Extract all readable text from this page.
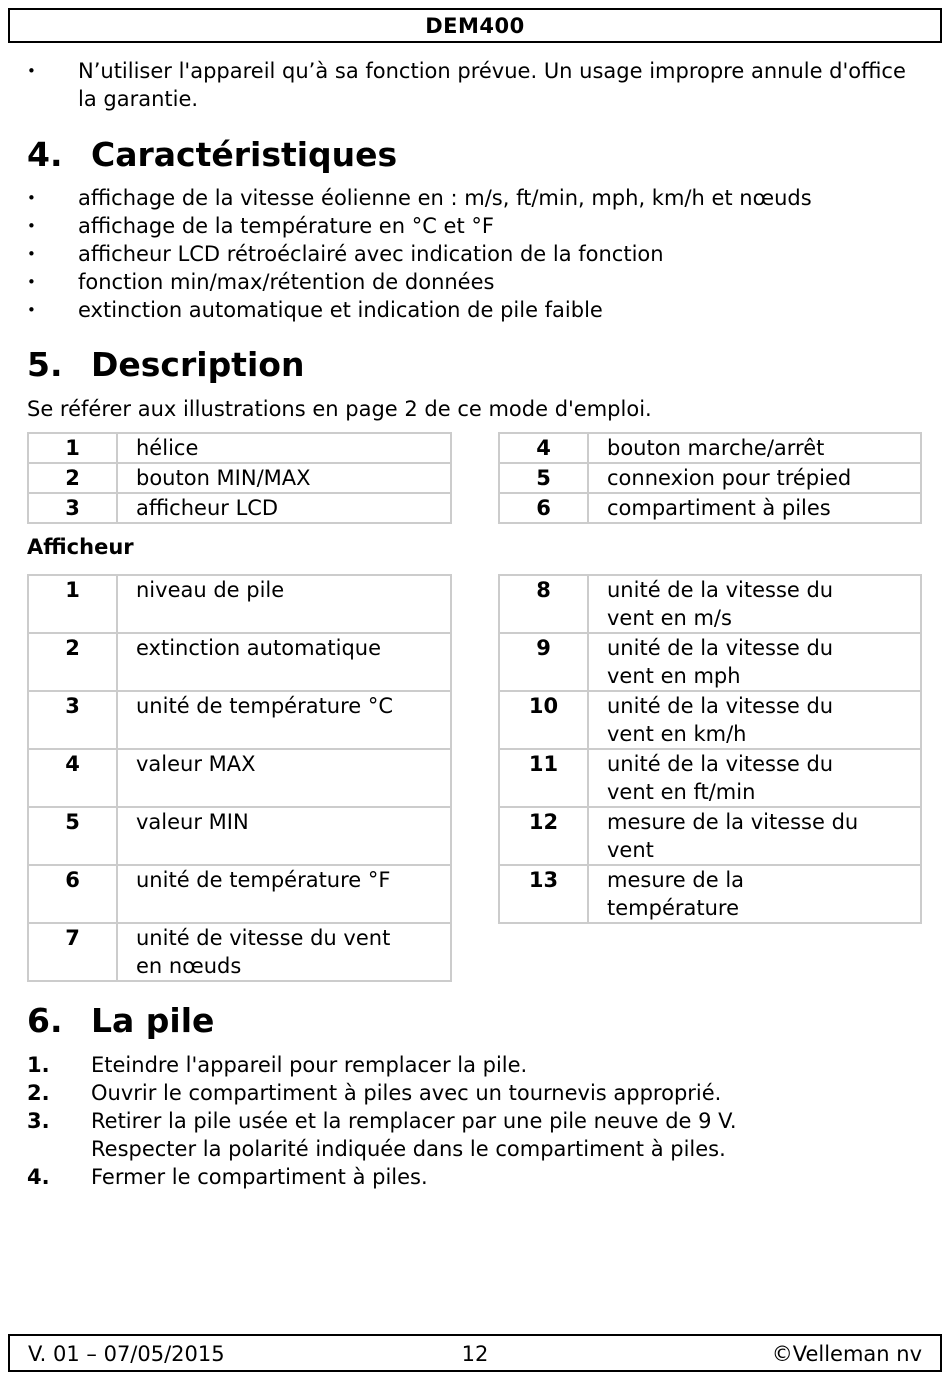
DEM400
• N’utiliser l'appareil qu’à sa fonction prévue. Un usage impropre annule d'office la garantie.
4. Caractéristiques
• affichage de la vitesse éolienne en : m/s, ft/min, mph, km/h et nœuds
• affichage de la température en °C et °F
• afficheur LCD rétroéclairé avec indication de la fonction
• fonction min/max/rétention de données
• extinction automatique et indication de pile faible
5. Description
Se référer aux illustrations en page 2 de ce mode d'emploi.
1	hélice
2	bouton MIN/MAX
3	afficheur LCD
4	bouton marche/arrêt
5	connexion pour trépied
6	compartiment à piles
Afficheur
1	niveau de pile
2	extinction automatique
3	unité de température °C
4	valeur MAX
5	valeur MIN
6	unité de température °F
7	unité de vitesse du vent en nœuds
8	unité de la vitesse du vent en m/s
9	unité de la vitesse du vent en mph
10	unité de la vitesse du vent en km/h
11	unité de la vitesse du vent en ft/min
12	mesure de la vitesse du vent
13	mesure de la température
6. La pile
1. Eteindre l'appareil pour remplacer la pile.
2. Ouvrir le compartiment à piles avec un tournevis approprié.
3. Retirer la pile usée et la remplacer par une pile neuve de 9 V. Respecter la polarité indiquée dans le compartiment à piles.
4. Fermer le compartiment à piles.
V. 01 – 07/05/2015	12	©Velleman nv
